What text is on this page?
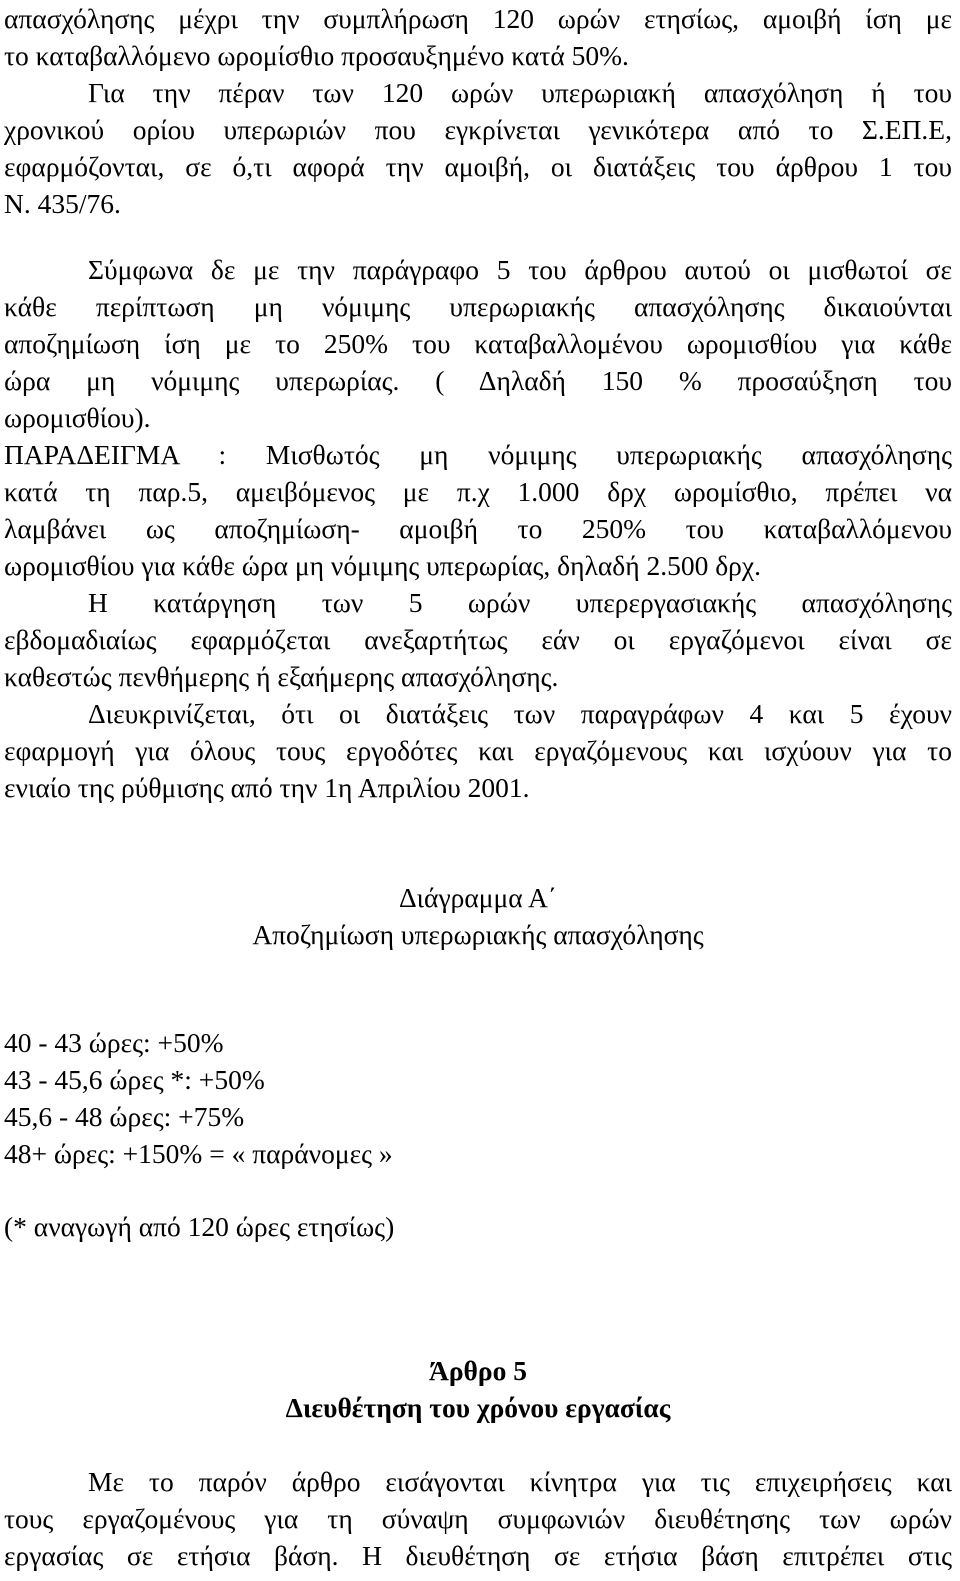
απασχόλησης μέχρι την συμπλήρωση 120 ωρών ετησίως, αμοιβή ίση με
το καταβαλλόμενο ωρομίσθιο προσαυξημένο κατά 50%.
Για την πέραν των 120 ωρών υπερωριακή απασχόληση ή του
χρονικού ορίου υπερωριών που εγκρίνεται γενικότερα από το Σ.ΕΠ.Ε,
εφαρμόζονται, σε ό,τι αφορά την αμοιβή, οι διατάξεις του άρθρου 1 του
Ν. 435/76.
Σύμφωνα δε με την παράγραφο 5 του άρθρου αυτού οι μισθωτοί σε
κάθε περίπτωση μη νόμιμης υπερωριακής απασχόλησης δικαιούνται
αποζημίωση ίση με το 250% του καταβαλλομένου ωρομισθίου για κάθε
ώρα μη νόμιμης υπερωρίας. ( Δηλαδή 150 % προσαύξηση του
ωρομισθίου).
ΠΑΡΑΔΕΙΓΜΑ : Μισθωτός μη νόμιμης υπερωριακής απασχόλησης
κατά τη παρ.5, αμειβόμενος με π.χ 1.000 δρχ ωρομίσθιο, πρέπει να
λαμβάνει ως αποζημίωση- αμοιβή το 250% του καταβαλλόμενου
ωρομισθίου για κάθε ώρα μη νόμιμης υπερωρίας, δηλαδή 2.500 δρχ.
Η κατάργηση των 5 ωρών υπερεργασιακής απασχόλησης
εβδομαδιαίως εφαρμόζεται ανεξαρτήτως εάν οι εργαζόμενοι είναι σε
καθεστώς πενθήμερης ή εξαήμερης απασχόλησης.
Διευκρινίζεται, ότι οι διατάξεις των παραγράφων 4 και 5 έχουν
εφαρμογή για όλους τους εργοδότες και εργαζόμενους και ισχύουν για το
ενιαίο της ρύθμισης από την 1η Απριλίου 2001.
Διάγραμμα Α΄
Αποζημίωση υπερωριακής απασχόλησης
40 - 43 ώρες: +50%
43 - 45,6 ώρες *: +50%
45,6 - 48 ώρες: +75%
48+ ώρες: +150% = « παράνομες »
(* αναγωγή από 120 ώρες ετησίως)
Άρθρο 5
Διευθέτηση του χρόνου εργασίας
Με το παρόν άρθρο εισάγονται κίνητρα για τις επιχειρήσεις και
τους εργαζομένους για τη σύναψη συμφωνιών διευθέτησης των ωρών
εργασίας σε ετήσια βάση. Η διευθέτηση σε ετήσια βάση επιτρέπει στις
